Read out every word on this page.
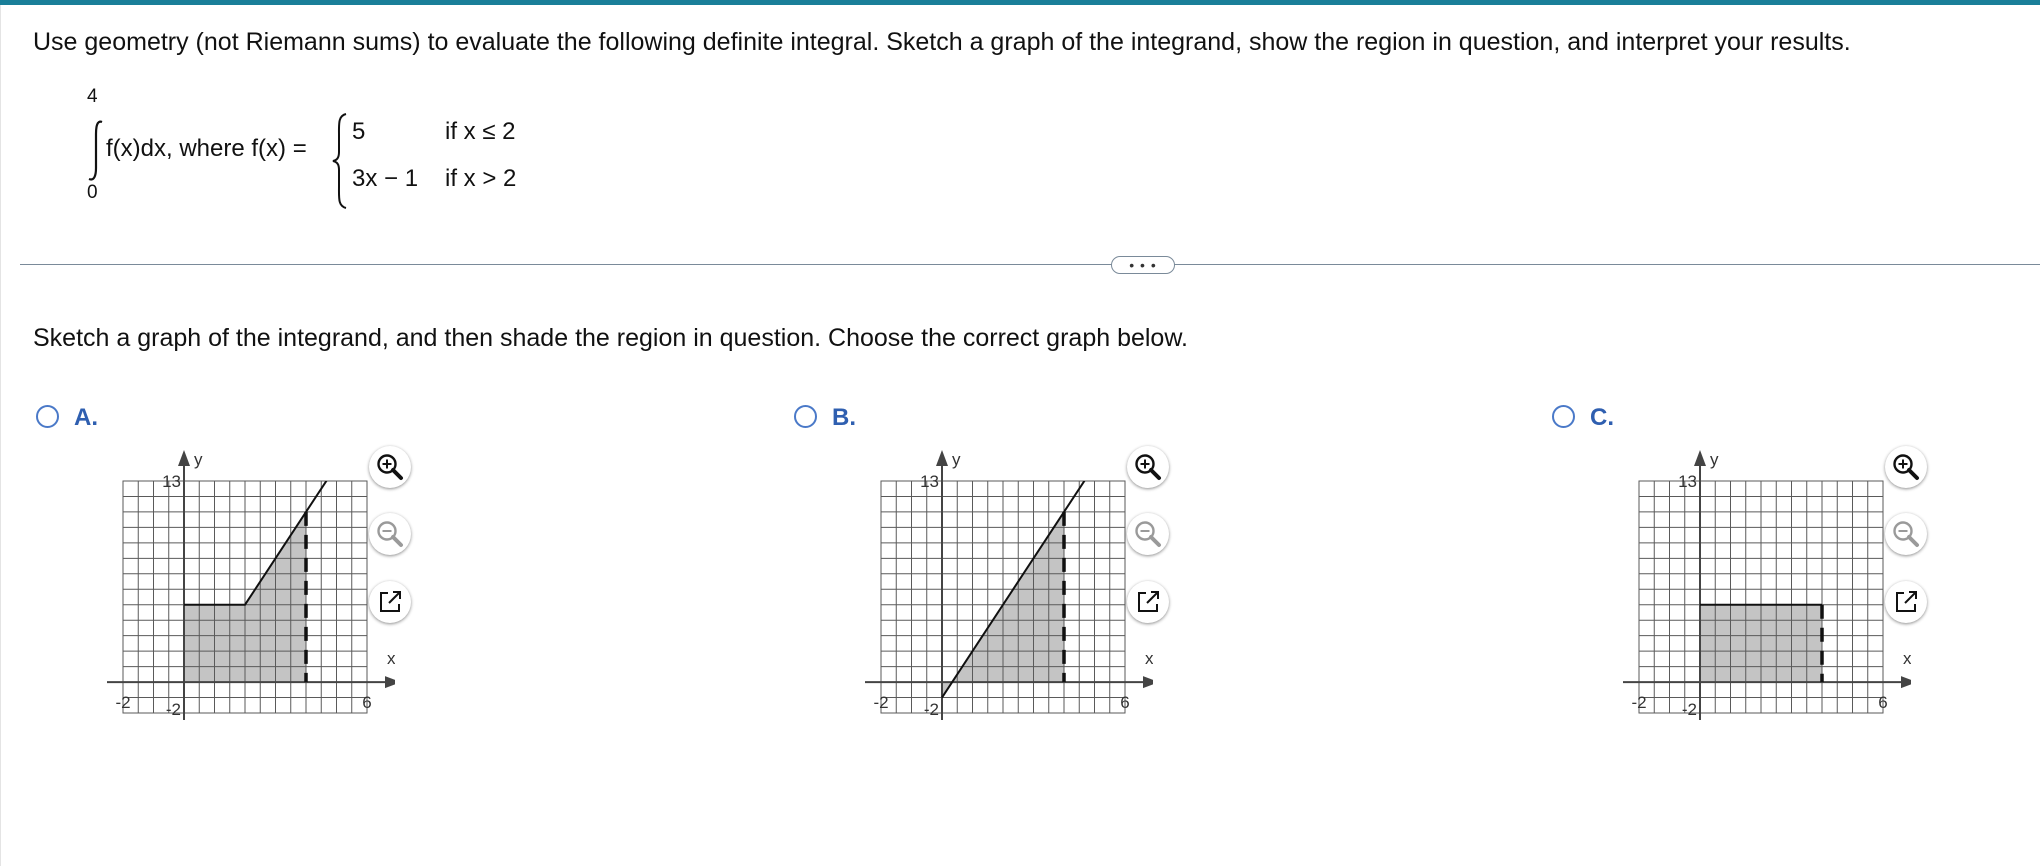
Use geometry (not Riemann sums) to evaluate the following definite integral. Sketch a graph of the integrand, show the region in question, and interpret your results.
4
0
f(x)dx, where f(x) =
5	if x ≤ 2
3x − 1 if x > 2
• • •
Sketch a graph of the integrand, and then shade the region in question. Choose the correct graph below.
A.
y
x
13
-2
-2	6
B.
y
x
13
-2
-2	6
C.
y
x
13
-2
-2	6
